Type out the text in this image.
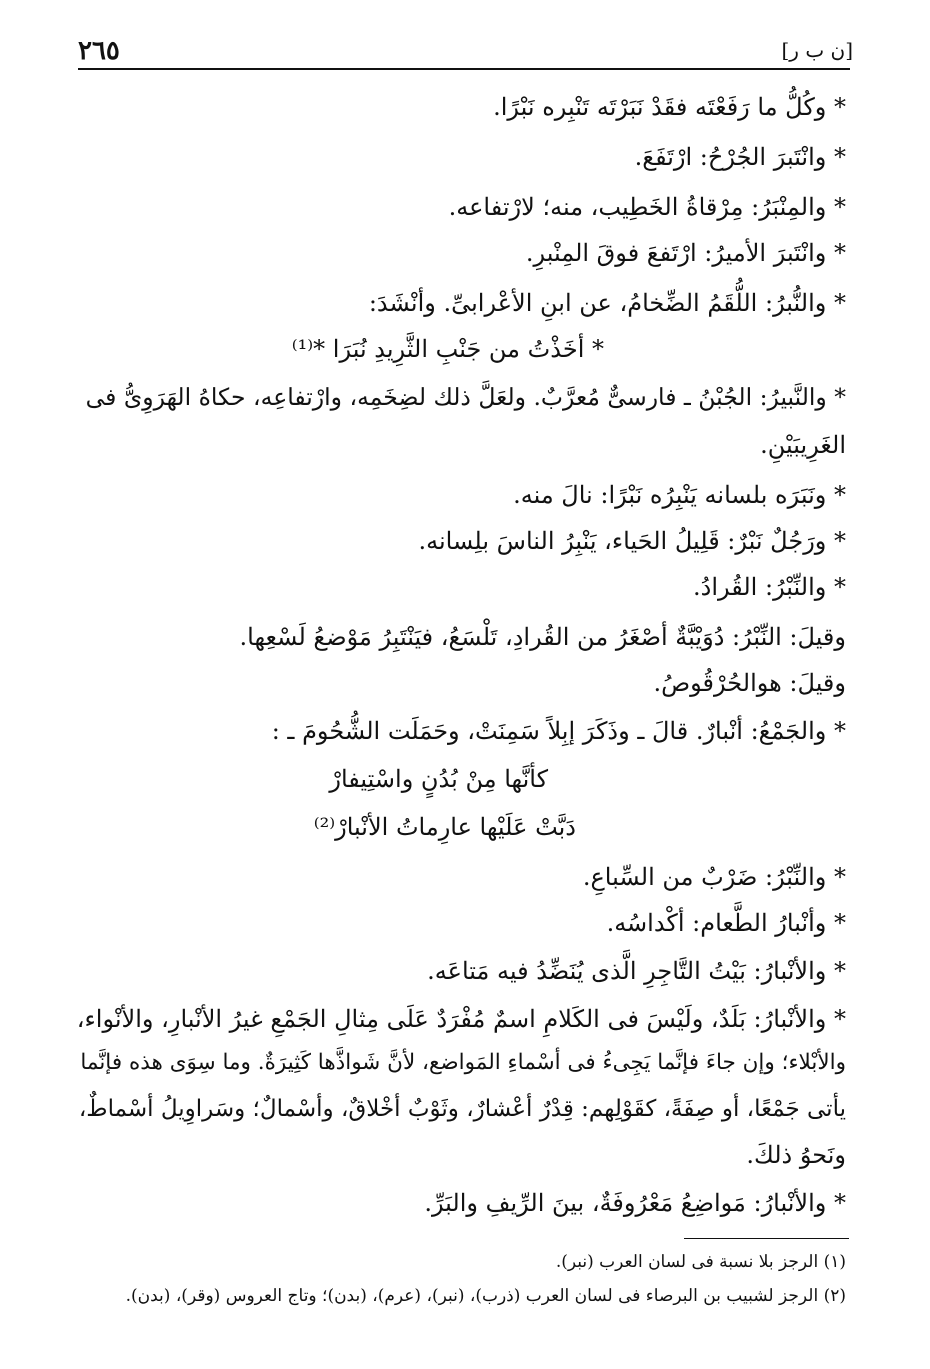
٢٦٥	[ن ب ر]
* وكُلُّ ما رَفَعْتَه فقَدْ نَبَرْتَه تَنْبِره نَبْرًا.
* وانْتَبرَ الجُرْحُ: ارْتَفَعَ.
* والمِنْبَرُ: مِرْقاةُ الخَطِيب، منه؛ لارْتفاعه.
* وانْتَبرَ الأميرُ: ارْتَفعَ فوقَ المِنْبرِ.
* والنُّبرُ: اللُّقَمُ الضِّخامُ، عن ابنِ الأعْرابىِّ. وأنْشَدَ:
* أخَذْتُ من جَنْبِ الثَّرِيدِ نُبَرَا *⁽¹⁾
* والنَّبيرُ: الجُبْنُ ـ فارسىٌّ مُعرَّبٌ. ولعَلَّ ذلك لضِخَمِه، وارْتفاعِه، حكاهُ الهَرَوِىُّ فى
الغَرِيبَيْنِ.
* ونَبَرَه بلسانه يَنْبِرُه نَبْرًا: نالَ منه.
* ورَجُلٌ نَبْرٌ: قَلِيلُ الحَياء، يَنْبِرُ الناسَ بلِسانه.
* والنِّبْرُ: القُرادُ.
وقيلَ: النِّبْرُ: دُوَيْبَّةٌ أصْغَرُ من القُرادِ، تَلْسَعُ، فيَنْتَبِرُ مَوْضعُ لَسْعِها.
وقيلَ: هوالحُرْقُوصُ.
* والجَمْعُ: أنْبارٌ. قالَ ـ وذَكَرَ إبِلاً سَمِنَتْ، وحَمَلَت الشُّحُومَ ـ :
كأنَّها مِنْ بُدُنٍ واسْتِيفارْ
دَبَّتْ عَلَيْها عارِماتُ الأنْبارْ⁽²⁾
* والنِّبْرُ: ضَرْبٌ من السِّباعِ.
* وأنْبارُ الطَّعام: أكْداسُه.
* والأنْبارُ: بَيْتُ التَّاجِرِ الَّذى يُنَضِّدُ فيه مَتاعَه.
* والأنْبارُ: بَلَدٌ، ولَيْسَ فى الكَلامِ اسمٌ مُفْرَدٌ عَلَى مِثالِ الجَمْعِ غيرُ الأنْبارِ، والأنْواء،
والأبْلاء؛ وإن جاءَ فإنَّما يَجِىءُ فى أسْماءِ المَواضع، لأنَّ شَواذَّها كَثِيرَةٌ. وما سِوَى هذه فإنَّما
يأتى جَمْعًا، أو صِفَةً، كقَوْلِهم: قِدْرٌ أعْشارٌ، وثَوْبٌ أخْلاقٌ، وأسْمالٌ؛ وسَراوِيلُ أسْماطٌ،
ونَحوُ ذلكَ.
* والأنْبارُ: مَواضِعُ مَعْرُوفَةٌ، بينَ الرِّيفِ والبَرِّ.
(١) الرجز بلا نسبة فى لسان العرب (نبر).
(٢) الرجز لشبيب بن البرصاء فى لسان العرب (ذرب)، (نبر)، (عرم)، (بدن)؛ وتاج العروس (وقر)، (بدن).
